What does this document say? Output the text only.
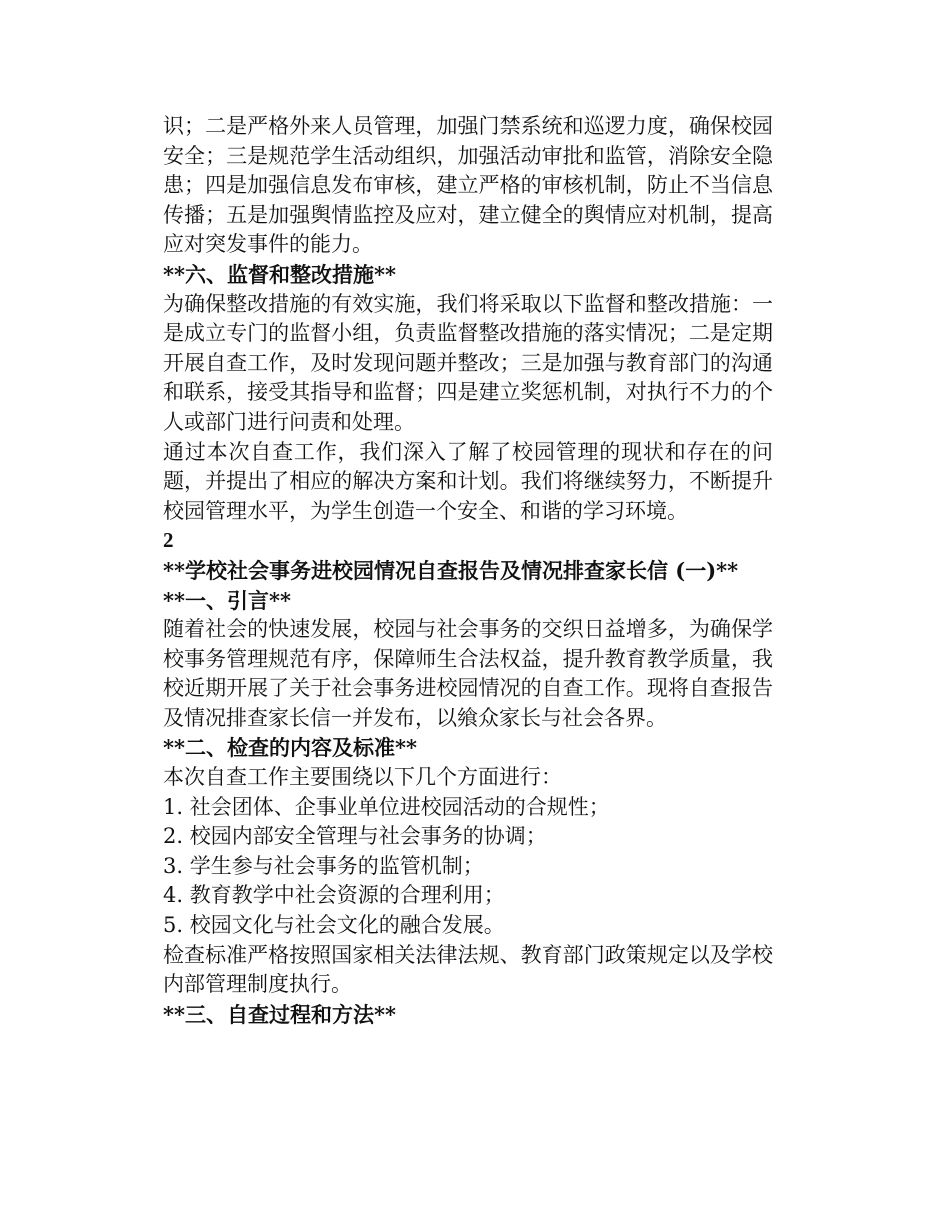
识；二是严格外来人员管理，加强门禁系统和巡逻力度，确保校园安全；三是规范学生活动组织，加强活动审批和监管，消除安全隐患；四是加强信息发布审核，建立严格的审核机制，防止不当信息传播；五是加强舆情监控及应对，建立健全的舆情应对机制，提高应对突发事件的能力。

**六、监督和整改措施**

为确保整改措施的有效实施，我们将采取以下监督和整改措施：一是成立专门的监督小组，负责监督整改措施的落实情况；二是定期开展自查工作，及时发现问题并整改；三是加强与教育部门的沟通和联系，接受其指导和监督；四是建立奖惩机制，对执行不力的个人或部门进行问责和处理。

通过本次自查工作，我们深入了解了校园管理的现状和存在的问题，并提出了相应的解决方案和计划。我们将继续努力，不断提升校园管理水平，为学生创造一个安全、和谐的学习环境。

2

**学校社会事务进校园情况自查报告及情况排查家长信 (一)**

**一、引言**

随着社会的快速发展，校园与社会事务的交织日益增多，为确保学校事务管理规范有序，保障师生合法权益，提升教育教学质量，我校近期开展了关于社会事务进校园情况的自查工作。现将自查报告及情况排查家长信一并发布，以飨众家长与社会各界。

**二、检查的内容及标准**

本次自查工作主要围绕以下几个方面进行：

1. 社会团体、企事业单位进校园活动的合规性；

2. 校园内部安全管理与社会事务的协调；

3. 学生参与社会事务的监管机制；

4. 教育教学中社会资源的合理利用；

5. 校园文化与社会文化的融合发展。

检查标准严格按照国家相关法律法规、教育部门政策规定以及学校内部管理制度执行。

**三、自查过程和方法**
